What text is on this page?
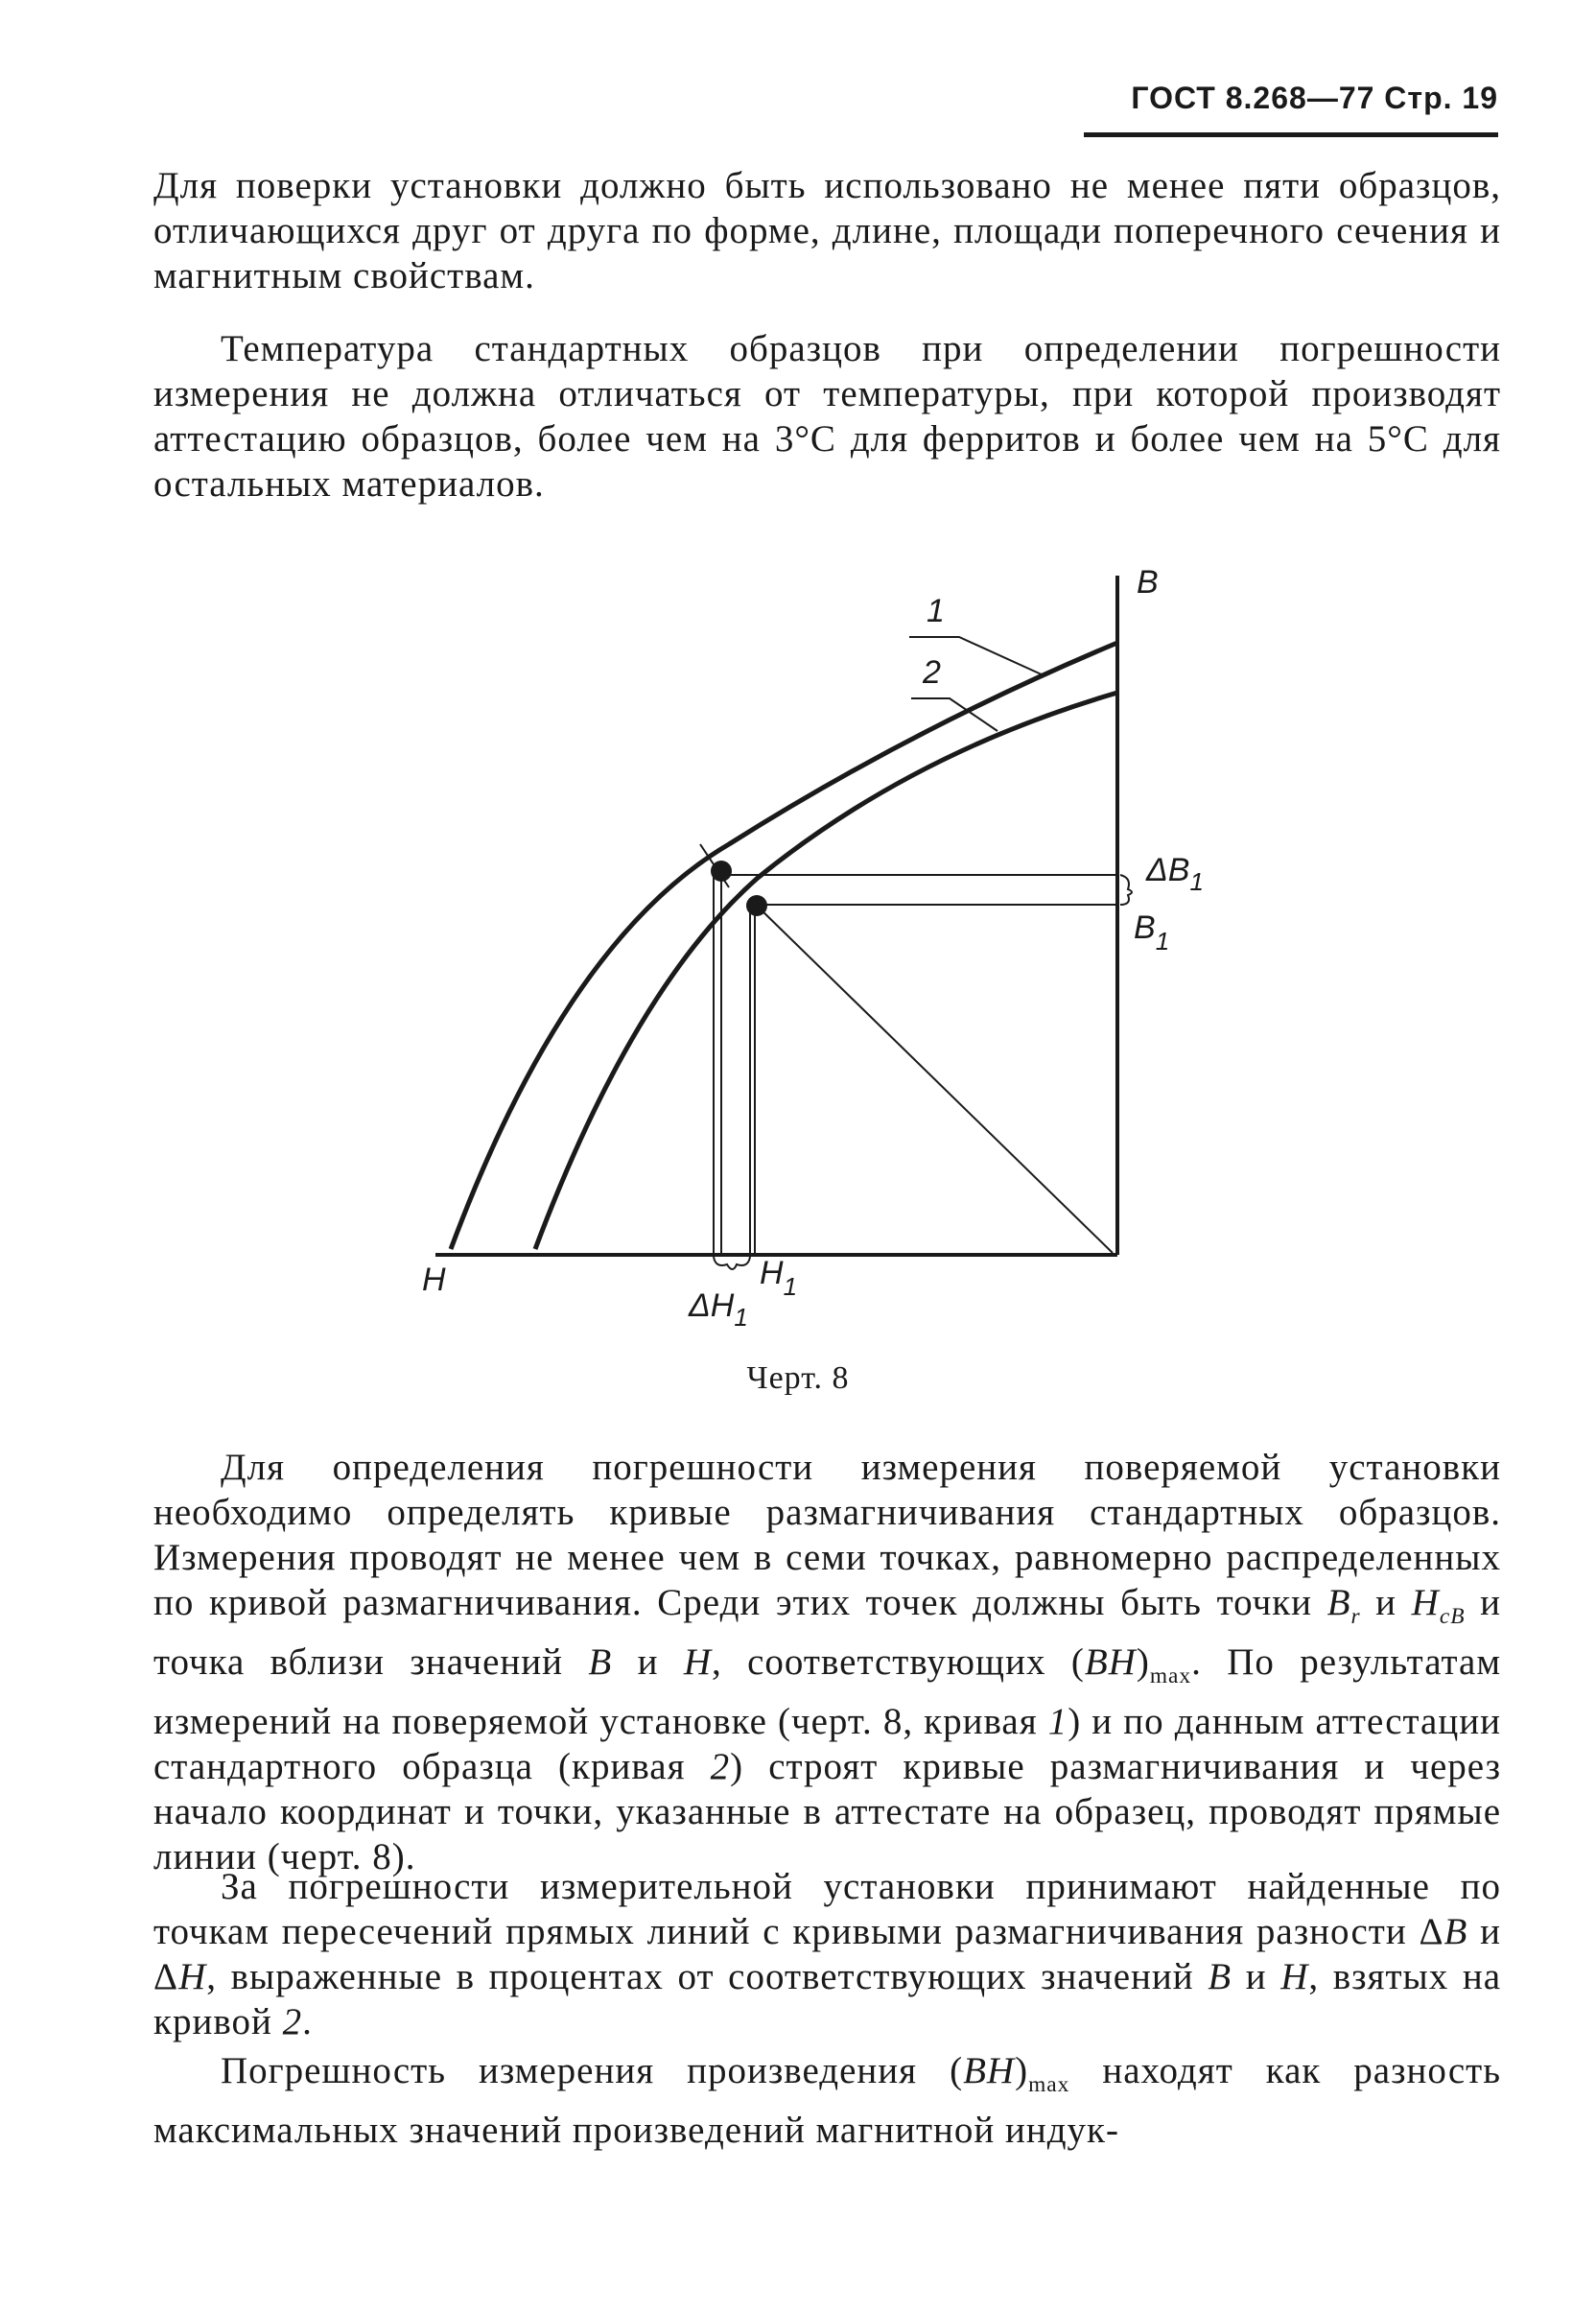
ГОСТ 8.268—77 Стр. 19

Для поверки установки должно быть использовано не менее пяти образцов, отличающихся друг от друга по форме, длине, площади поперечного сечения и магнитным свойствам.

Температура стандартных образцов при определении погрешности измерения не должна отличаться от температуры, при которой производят аттестацию образцов, более чем на 3°С для ферритов и более чем на 5°С для остальных материалов.

B
H
1
2
$\Delta B_1$
$B_1$
$\Delta H_1$
$H_1$
Черт. 8

Для определения погрешности измерения поверяемой установки необходимо определять кривые размагничивания стандартных образцов. Измерения проводят не менее чем в семи точках, равномерно распределенных по кривой размагничивания. Среди этих точек должны быть точки $B_r$ и $H_{cB}$ и точка вблизи значений B и H, соответствующих $(BH)_{max}$. По результатам измерений на поверяемой установке (черт. 8, кривая 1) и по данным аттестации стандартного образца (кривая 2) строят кривые размагничивания и через начало координат и точки, указанные в аттестате на образец, проводят прямые линии (черт. 8).

За погрешности измерительной установки принимают найденные по точкам пересечений прямых линий с кривыми размагничивания разности ΔB и ΔH, выраженные в процентах от соответствующих значений B и H, взятых на кривой 2.

Погрешность измерения произведения $(BH)_{max}$ находят как разность максимальных значений произведений магнитной индук-
